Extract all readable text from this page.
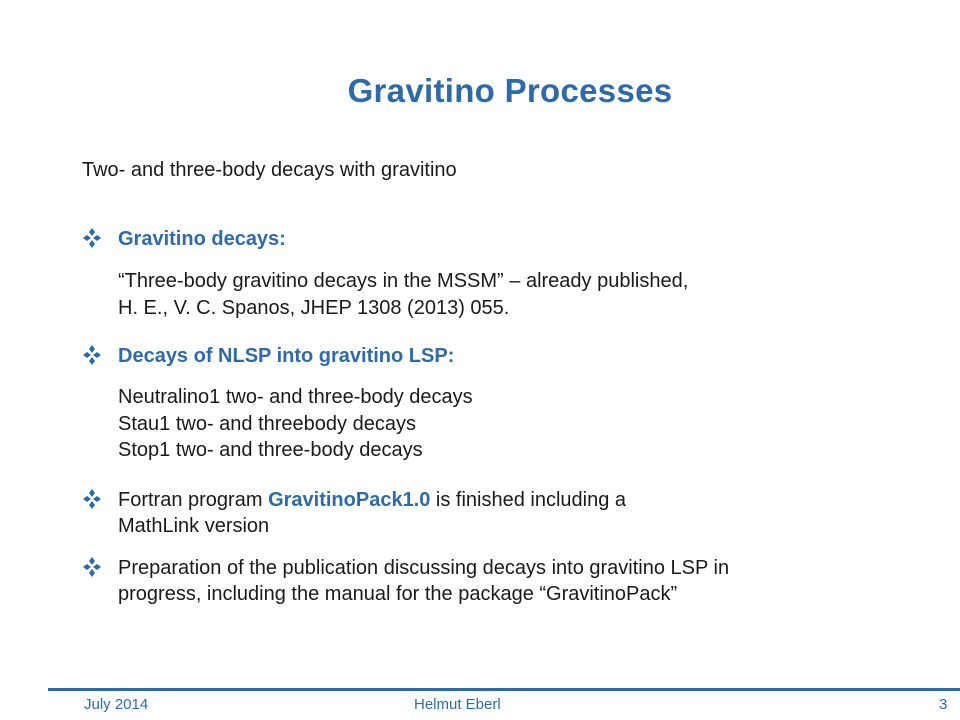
Gravitino Processes
Two- and three-body decays with gravitino
Gravitino decays:
“Three-body gravitino decays in the MSSM” – already published,
H. E., V. C. Spanos, JHEP 1308 (2013) 055.
Decays of NLSP into gravitino LSP:
Neutralino1 two- and three-body decays
Stau1 two- and threebody decays
Stop1 two- and three-body decays
Fortran program GravitinoPack1.0 is finished including a
MathLink version
Preparation of the publication discussing decays into gravitino LSP in
progress, including the manual for the package “GravitinoPack”
July 2014	Helmut Eberl	3
